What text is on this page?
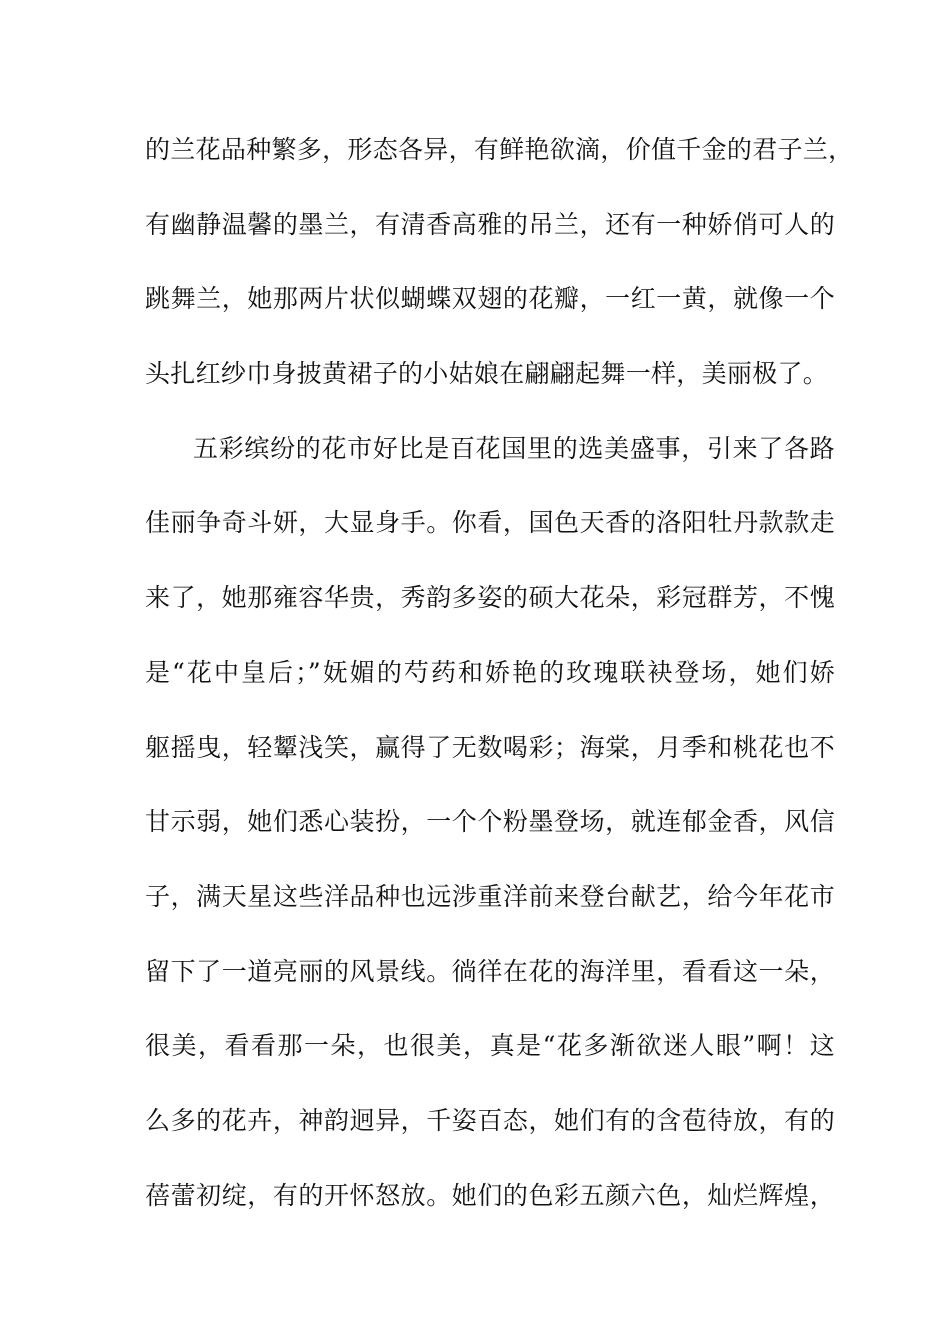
的兰花品种繁多，形态各异，有鲜艳欲滴，价值千金的君子兰，
有幽静温馨的墨兰，有清香高雅的吊兰，还有一种娇俏可人的
跳舞兰，她那两片状似蝴蝶双翅的花瓣，一红一黄，就像一个
头扎红纱巾身披黄裙子的小姑娘在翩翩起舞一样，美丽极了。
五彩缤纷的花市好比是百花国里的选美盛事，引来了各路
佳丽争奇斗妍，大显身手。你看，国色天香的洛阳牡丹款款走
来了，她那雍容华贵，秀韵多姿的硕大花朵，彩冠群芳，不愧
是“花中皇后；”妩媚的芍药和娇艳的玫瑰联袂登场，她们娇
躯摇曳，轻颦浅笑，赢得了无数喝彩；海棠，月季和桃花也不
甘示弱，她们悉心装扮，一个个粉墨登场，就连郁金香，风信
子，满天星这些洋品种也远涉重洋前来登台献艺，给今年花市
留下了一道亮丽的风景线。徜徉在花的海洋里，看看这一朵，
很美，看看那一朵，也很美，真是“花多渐欲迷人眼”啊！这
么多的花卉，神韵迥异，千姿百态，她们有的含苞待放，有的
蓓蕾初绽，有的开怀怒放。她们的色彩五颜六色，灿烂辉煌，
